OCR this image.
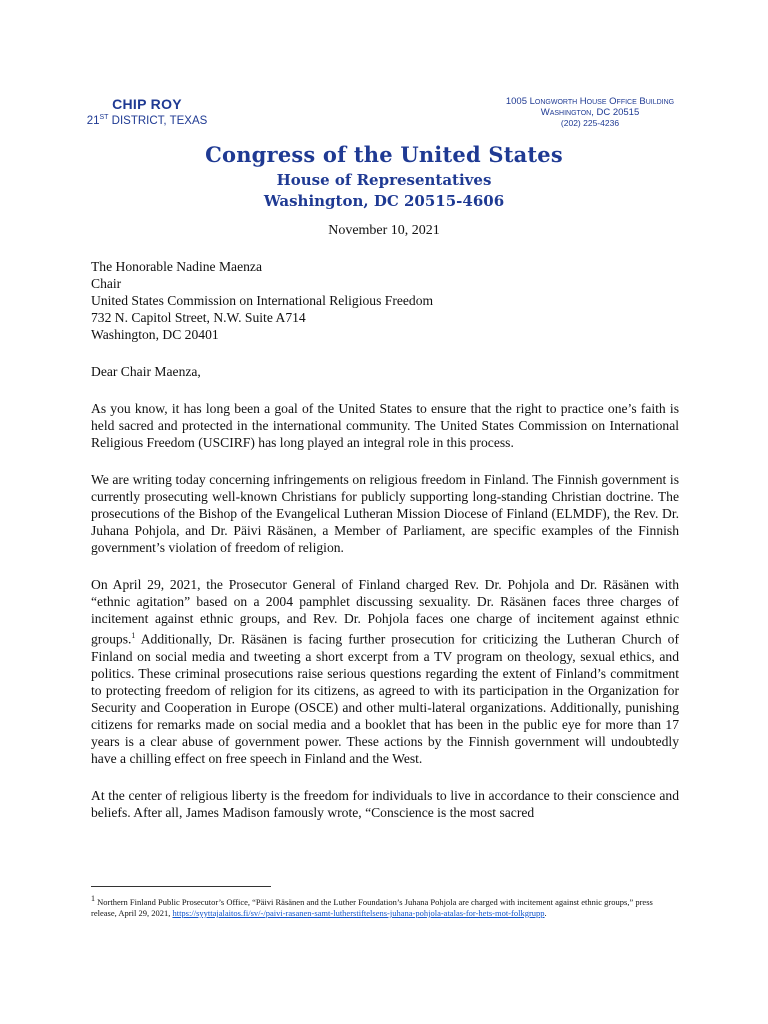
CHIP ROY
21ST DISTRICT, TEXAS
1005 Longworth House Office Building
Washington, DC 20515
(202) 225-4236
Congress of the United States
House of Representatives
Washington, DC 20515-4606
November 10, 2021
The Honorable Nadine Maenza
Chair
United States Commission on International Religious Freedom
732 N. Capitol Street, N.W. Suite A714
Washington, DC 20401
Dear Chair Maenza,

As you know, it has long been a goal of the United States to ensure that the right to practice one’s faith is held sacred and protected in the international community. The United States Commission on International Religious Freedom (USCIRF) has long played an integral role in this process.

We are writing today concerning infringements on religious freedom in Finland. The Finnish government is currently prosecuting well-known Christians for publicly supporting long-standing Christian doctrine. The prosecutions of the Bishop of the Evangelical Lutheran Mission Diocese of Finland (ELMDF), the Rev. Dr. Juhana Pohjola, and Dr. Päivi Räsänen, a Member of Parliament, are specific examples of the Finnish government’s violation of freedom of religion.

On April 29, 2021, the Prosecutor General of Finland charged Rev. Dr. Pohjola and Dr. Räsänen with “ethnic agitation” based on a 2004 pamphlet discussing sexuality. Dr. Räsänen faces three charges of incitement against ethnic groups, and Rev. Dr. Pohjola faces one charge of incitement against ethnic groups.$^1$ Additionally, Dr. Räsänen is facing further prosecution for criticizing the Lutheran Church of Finland on social media and tweeting a short excerpt from a TV program on theology, sexual ethics, and politics. These criminal prosecutions raise serious questions regarding the extent of Finland’s commitment to protecting freedom of religion for its citizens, as agreed to with its participation in the Organization for Security and Cooperation in Europe (OSCE) and other multi-lateral organizations. Additionally, punishing citizens for remarks made on social media and a booklet that has been in the public eye for more than 17 years is a clear abuse of government power. These actions by the Finnish government will undoubtedly have a chilling effect on free speech in Finland and the West.

At the center of religious liberty is the freedom for individuals to live in accordance to their conscience and beliefs. After all, James Madison famously wrote, “Conscience is the most sacred

$^1$ Northern Finland Public Prosecutor’s Office, “Päivi Räsänen and the Luther Foundation’s Juhana Pohjola are charged with incitement against ethnic groups,” press release, April 29, 2021, https://syyttajalaitos.fi/sv/-/paivi-rasanen-samt-lutherstiftelsens-juhana-pohjola-atalas-for-hets-mot-folkgrupp.
